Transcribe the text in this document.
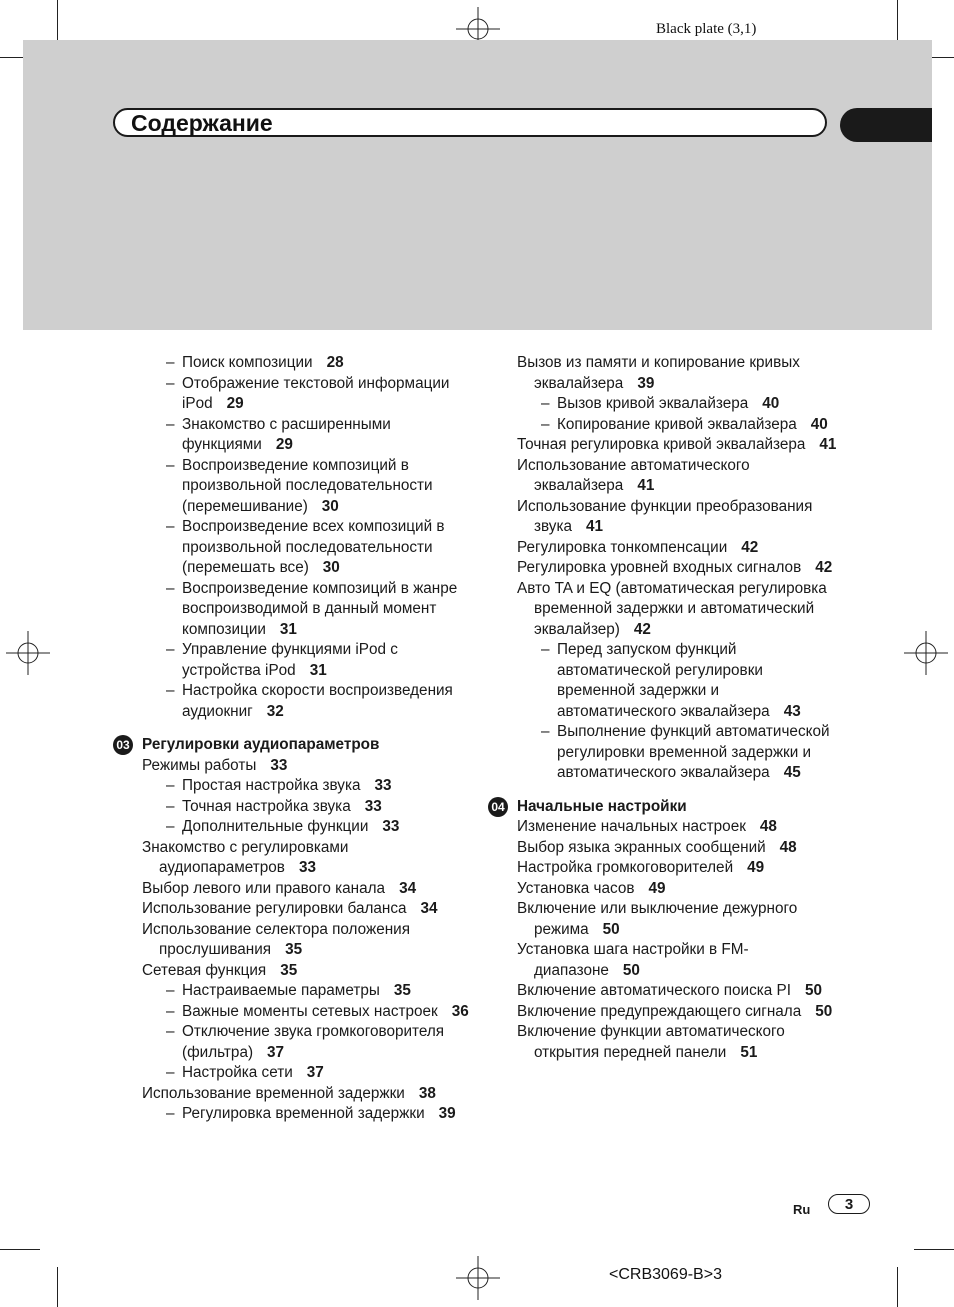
Black plate (3,1)
Содержание

– Поиск композиции 28

– Отображение текстовой информации iPod 29

– Знакомство с расширенными функциями 29

– Воспроизведение композиций в произвольной последовательности (перемешивание) 30

– Воспроизведение всех композиций в произвольной последовательности (перемешать все) 30

– Воспроизведение композиций в жанре воспроизводимой в данный момент композиции 31

– Управление функциями iPod с устройства iPod 31

– Настройка скорости воспроизведения аудиокниг 32

03 Регулировки аудиопараметров

Режимы работы 33

– Простая настройка звука 33

– Точная настройка звука 33

– Дополнительные функции 33

Знакомство с регулировками аудиопараметров 33

Выбор левого или правого канала 34

Использование регулировки баланса 34

Использование селектора положения прослушивания 35

Сетевая функция 35

– Настраиваемые параметры 35

– Важные моменты сетевых настроек 36

– Отключение звука громкоговорителя (фильтра) 37

– Настройка сети 37

Использование временной задержки 38

– Регулировка временной задержки 39

Вызов из памяти и копирование кривых эквалайзера 39

– Вызов кривой эквалайзера 40

– Копирование кривой эквалайзера 40

Точная регулировка кривой эквалайзера 41

Использование автоматического эквалайзера 41

Использование функции преобразования звука 41

Регулировка тонкомпенсации 42

Регулировка уровней входных сигналов 42

Авто TA и EQ (автоматическая регулировка временной задержки и автоматический эквалайзер) 42

– Перед запуском функций автоматической регулировки временной задержки и автоматического эквалайзера 43

– Выполнение функций автоматической регулировки временной задержки и автоматического эквалайзера 45

04 Начальные настройки

Изменение начальных настроек 48

Выбор языка экранных сообщений 48

Настройка громкоговорителей 49

Установка часов 49

Включение или выключение дежурного режима 50

Установка шага настройки в FM-диапазоне 50

Включение автоматического поиска PI 50

Включение предупреждающего сигнала 50

Включение функции автоматического открытия передней панели 51

Ru	3
<CRB3069-B>3
